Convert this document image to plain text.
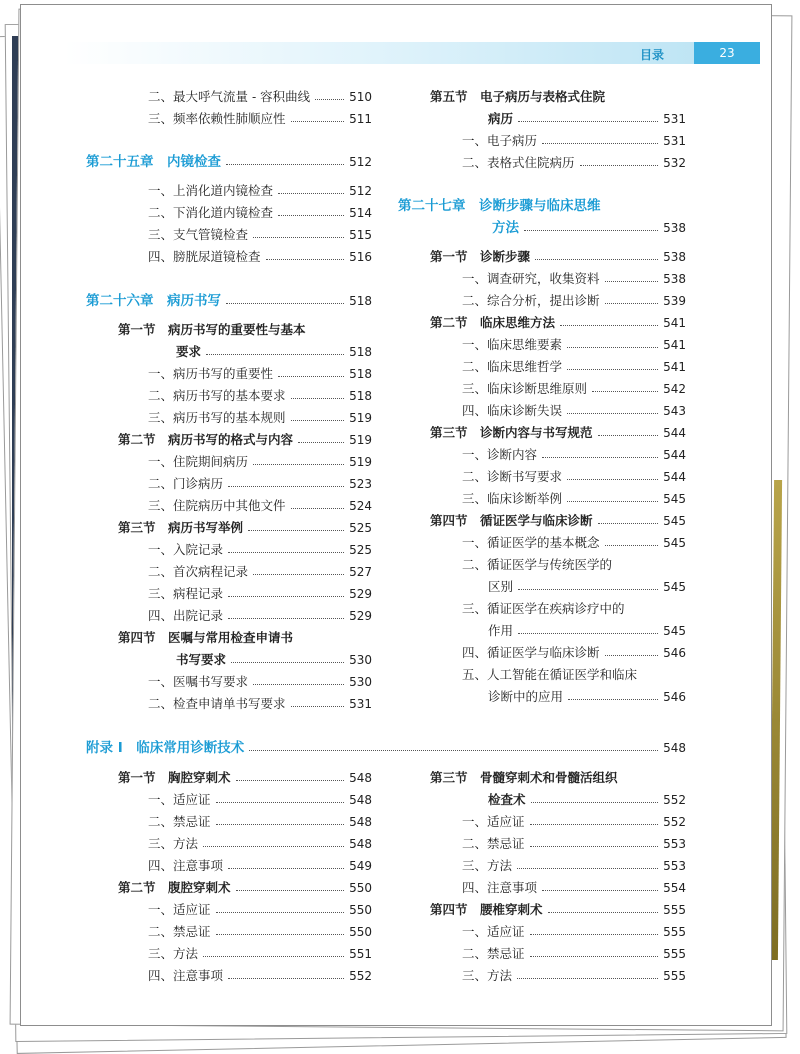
目录	23
二、最大呼气流量 - 容积曲线	510
三、频率依赖性肺顺应性	511
第二十五章　内镜检查	512
一、上消化道内镜检查	512
二、下消化道内镜检查	514
三、支气管镜检查	515
四、膀胱尿道镜检查	516
第二十六章　病历书写	518
第一节　病历书写的重要性与基本
要求	518
一、病历书写的重要性	518
二、病历书写的基本要求	518
三、病历书写的基本规则	519
第二节　病历书写的格式与内容	519
一、住院期间病历	519
二、门诊病历	523
三、住院病历中其他文件	524
第三节　病历书写举例	525
一、入院记录	525
二、首次病程记录	527
三、病程记录	529
四、出院记录	529
第四节　医嘱与常用检查申请书
书写要求	530
一、医嘱书写要求	530
二、检查申请单书写要求	531
第五节　电子病历与表格式住院
病历	531
一、电子病历	531
二、表格式住院病历	532
第二十七章　诊断步骤与临床思维
方法	538
第一节　诊断步骤	538
一、调查研究，收集资料	538
二、综合分析，提出诊断	539
第二节　临床思维方法	541
一、临床思维要素	541
二、临床思维哲学	541
三、临床诊断思维原则	542
四、临床诊断失误	543
第三节　诊断内容与书写规范	544
一、诊断内容	544
二、诊断书写要求	544
三、临床诊断举例	545
第四节　循证医学与临床诊断	545
一、循证医学的基本概念	545
二、循证医学与传统医学的
区别	545
三、循证医学在疾病诊疗中的
作用	545
四、循证医学与临床诊断	546
五、人工智能在循证医学和临床
诊断中的应用	546
附录 I　临床常用诊断技术	548
第一节　胸腔穿刺术	548
一、适应证	548
二、禁忌证	548
三、方法	548
四、注意事项	549
第二节　腹腔穿刺术	550
一、适应证	550
二、禁忌证	550
三、方法	551
四、注意事项	552
第三节　骨髓穿刺术和骨髓活组织
检查术	552
一、适应证	552
二、禁忌证	553
三、方法	553
四、注意事项	554
第四节　腰椎穿刺术	555
一、适应证	555
二、禁忌证	555
三、方法	555
